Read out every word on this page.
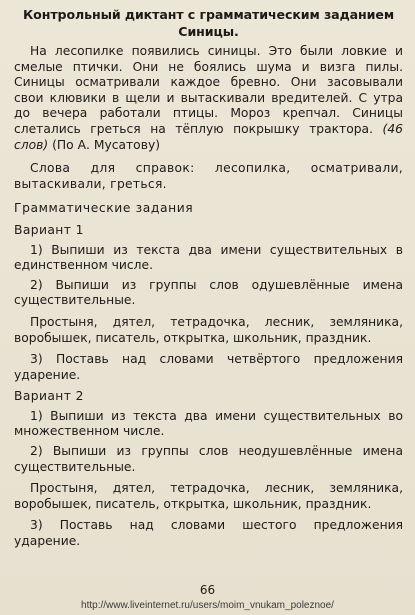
Контрольный диктант с грамматическим заданием
Синицы.

На лесопилке появились синицы. Это были ловкие и смелые птички. Они не боялись шума и визга пилы. Синицы осматривали каждое бревно. Они засовывали свои клювики в щели и вытаскивали вредителей. С утра до вечера работали птицы. Мороз крепчал. Синицы слетались греться на тёплую покрышку трактора. (46 слов) (По А. Мусатову)

Слова для справок: лесопилка, осматривали, вытаскивали, греться.

Грамматические задания
Вариант 1

1) Выпиши из текста два имени существительных в единственном числе.

2) Выпиши из группы слов одушевлённые имена существительные.

Простыня, дятел, тетрадочка, лесник, земляника, воробышек, писатель, открытка, школьник, праздник.

3) Поставь над словами четвёртого предложения ударение.

Вариант 2

1) Выпиши из текста два имени существительных во множественном числе.

2) Выпиши из группы слов неодушевлённые имена существительные.

Простыня, дятел, тетрадочка, лесник, земляника, воробышек, писатель, открытка, школьник, праздник.

3) Поставь над словами шестого предложения ударение.

66
http://www.liveinternet.ru/users/moim_vnukam_poleznoe/
